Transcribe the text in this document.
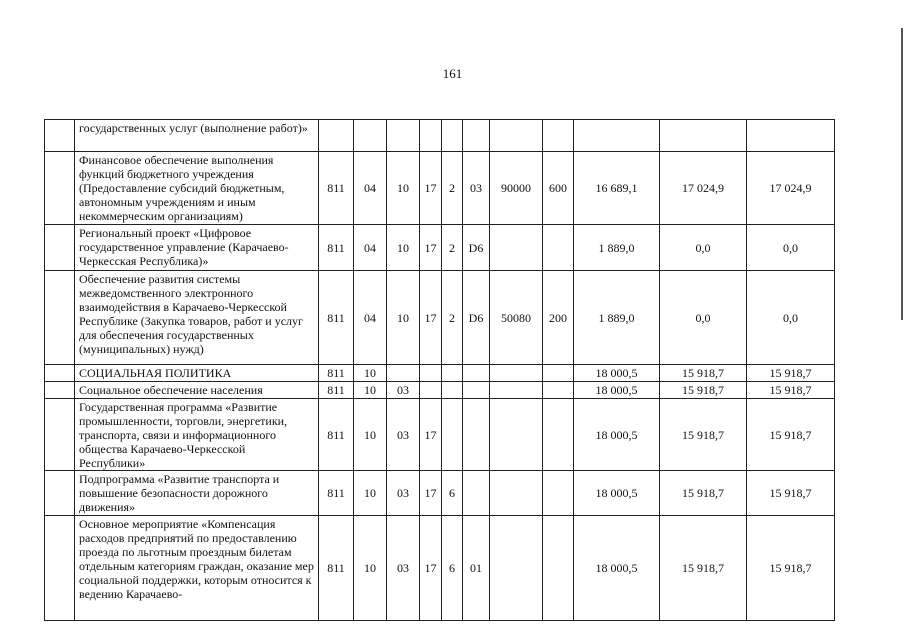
161
	государственных услуг (выполнение работ)»											
	Финансовое обеспечение выполнения функций бюджетного учреждения (Предоставление субсидий бюджетным, автономным учреждениям и иным некоммерческим организациям)	811	04	10	17	2	03	90000	600	16 689,1	17 024,9	17 024,9
	Региональный проект «Цифровое государственное управление (Карачаево-Черкесская Республика)»	811	04	10	17	2	D6			1 889,0	0,0	0,0
	Обеспечение развития системы межведомственного электронного взаимодействия в Карачаево-Черкесской Республике (Закупка товаров, работ и услуг для обеспечения государственных (муниципальных) нужд)	811	04	10	17	2	D6	50080	200	1 889,0	0,0	0,0
	СОЦИАЛЬНАЯ ПОЛИТИКА	811	10							18 000,5	15 918,7	15 918,7
	Социальное обеспечение населения	811	10	03						18 000,5	15 918,7	15 918,7
	Государственная программа «Развитие промышленности, торговли, энергетики, транспорта, связи и информационного общества Карачаево-Черкесской Республики»	811	10	03	17					18 000,5	15 918,7	15 918,7
	Подпрограмма «Развитие транспорта и повышение безопасности дорожного движения»	811	10	03	17	6				18 000,5	15 918,7	15 918,7
	Основное мероприятие «Компенсация расходов предприятий по предоставлению проезда по льготным проездным билетам отдельным категориям граждан, оказание мер социальной поддержки, которым относится к ведению Карачаево-	811	10	03	17	6	01			18 000,5	15 918,7	15 918,7
